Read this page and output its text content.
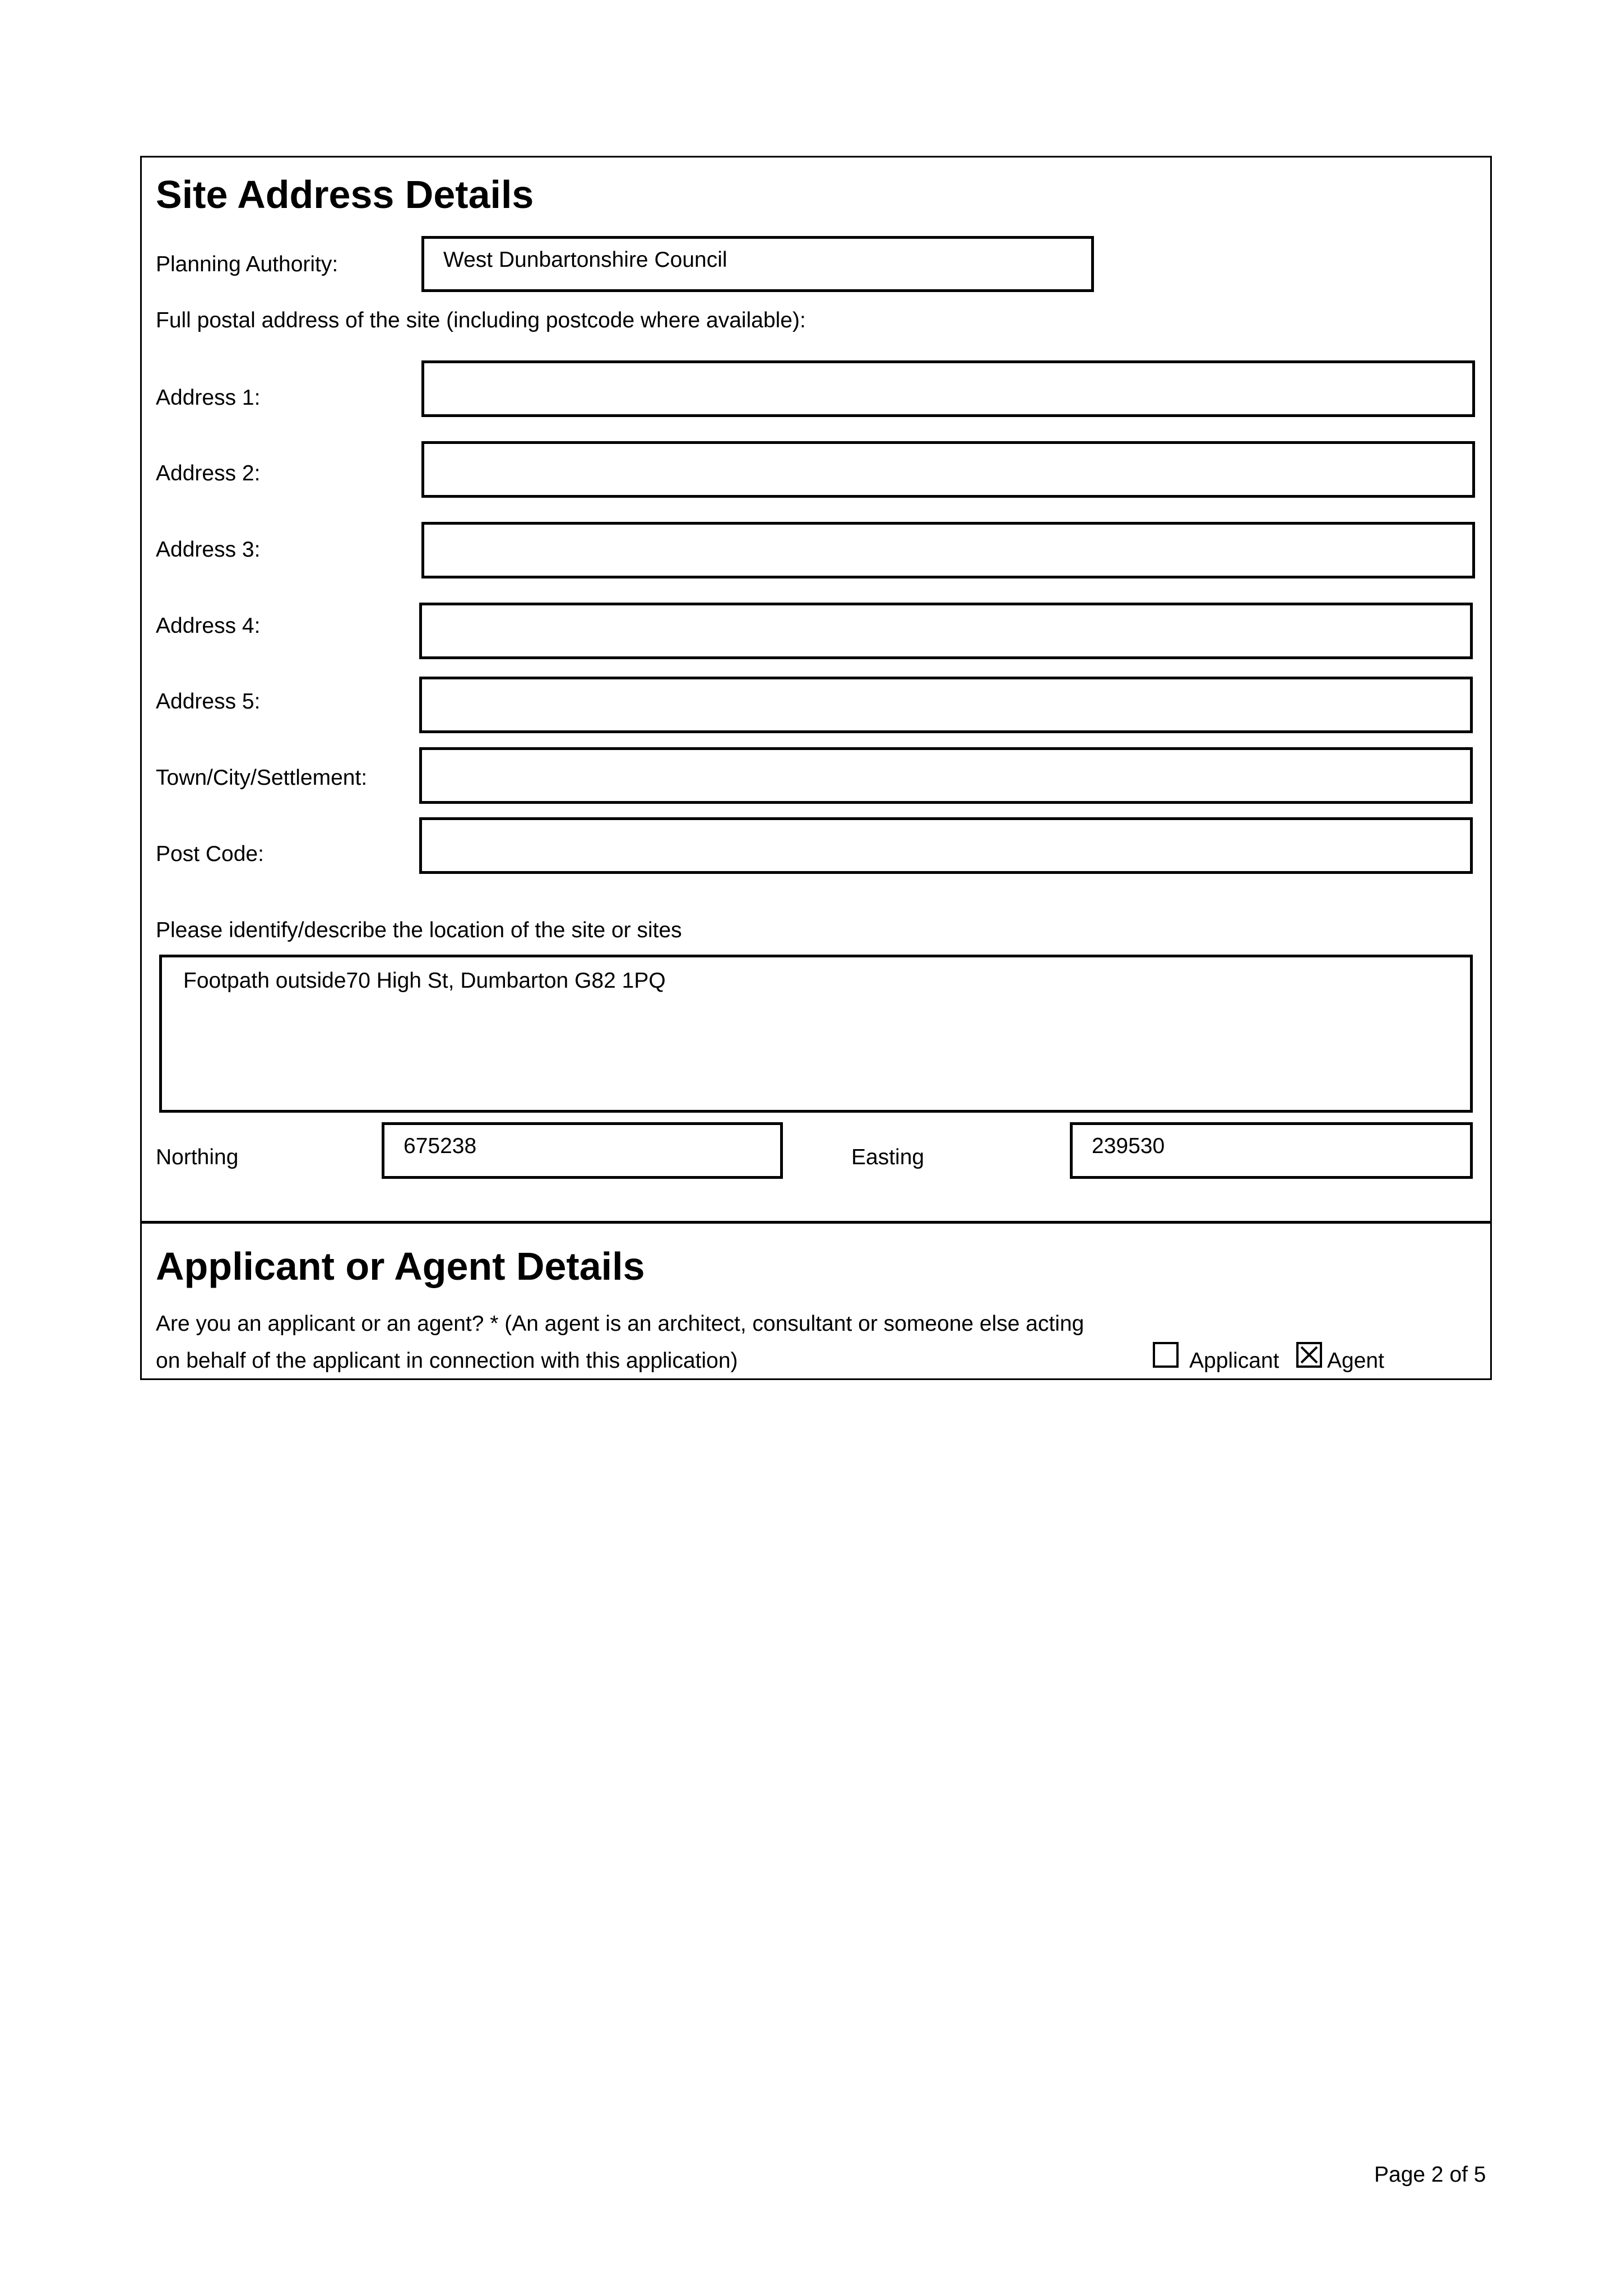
Site Address Details
Planning Authority:	West Dunbartonshire Council
Full postal address of the site (including postcode where available):
Address 1:
Address 2:
Address 3:
Address 4:
Address 5:
Town/City/Settlement:
Post Code:
Please identify/describe the location of the site or sites
Footpath outside70 High St, Dumbarton G82 1PQ
Northing	675238	Easting	239530
Applicant or Agent Details
Are you an applicant or an agent? * (An agent is an architect, consultant or someone else acting
on behalf of the applicant in connection with this application)	Applicant Agent
Page 2 of 5
